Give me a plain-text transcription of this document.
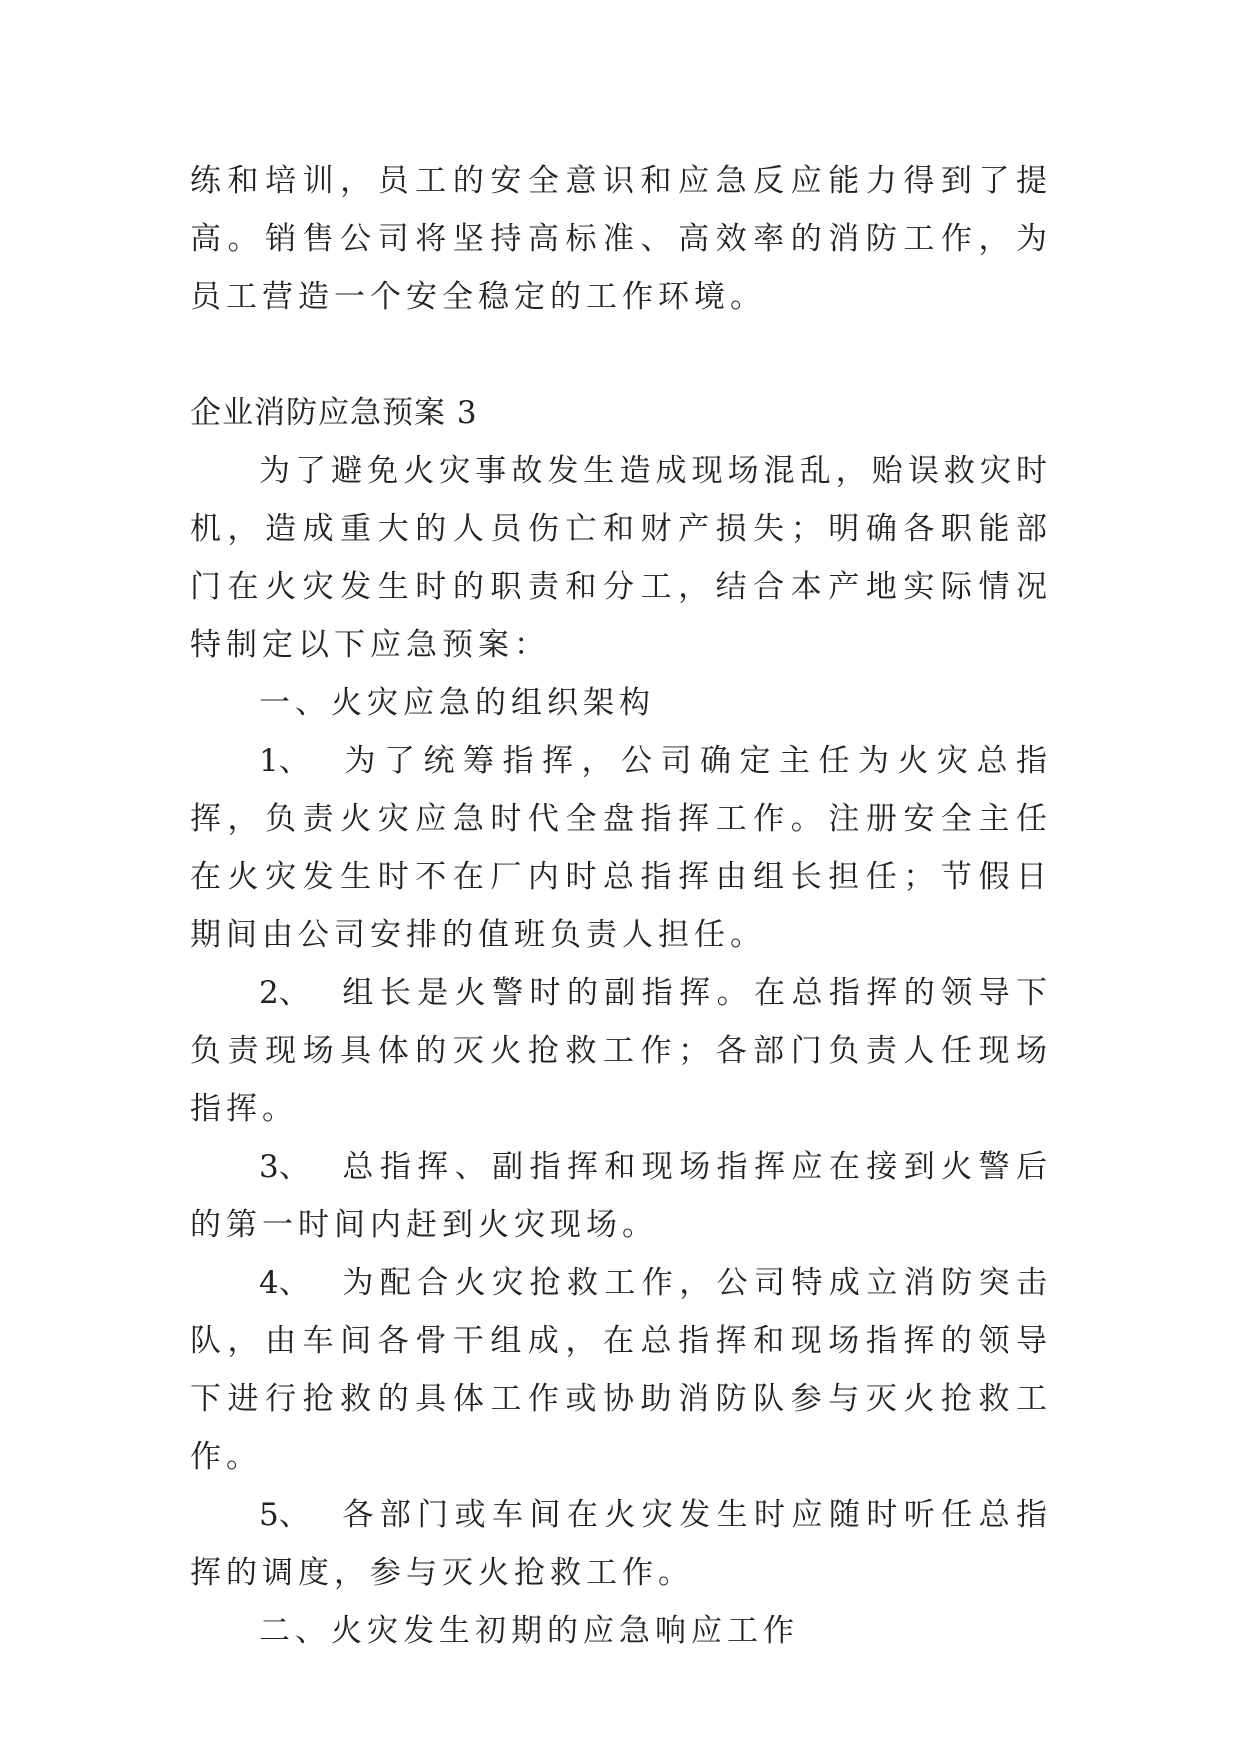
练和培训，员工的安全意识和应急反应能力得到了提高。销售公司将坚持高标准、高效率的消防工作，为员工营造一个安全稳定的工作环境。

企业消防应急预案 3

为了避免火灾事故发生造成现场混乱，贻误救灾时机，造成重大的人员伤亡和财产损失；明确各职能部门在火灾发生时的职责和分工，结合本产地实际情况特制定以下应急预案：

一、火灾应急的组织架构

1、 为了统筹指挥，公司确定主任为火灾总指挥，负责火灾应急时代全盘指挥工作。注册安全主任在火灾发生时不在厂内时总指挥由组长担任；节假日期间由公司安排的值班负责人担任。

2、 组长是火警时的副指挥。在总指挥的领导下负责现场具体的灭火抢救工作；各部门负责人任现场指挥。

3、 总指挥、副指挥和现场指挥应在接到火警后的第一时间内赶到火灾现场。

4、 为配合火灾抢救工作，公司特成立消防突击队，由车间各骨干组成，在总指挥和现场指挥的领导下进行抢救的具体工作或协助消防队参与灭火抢救工作。

5、 各部门或车间在火灾发生时应随时听任总指挥的调度，参与灭火抢救工作。

二、火灾发生初期的应急响应工作
